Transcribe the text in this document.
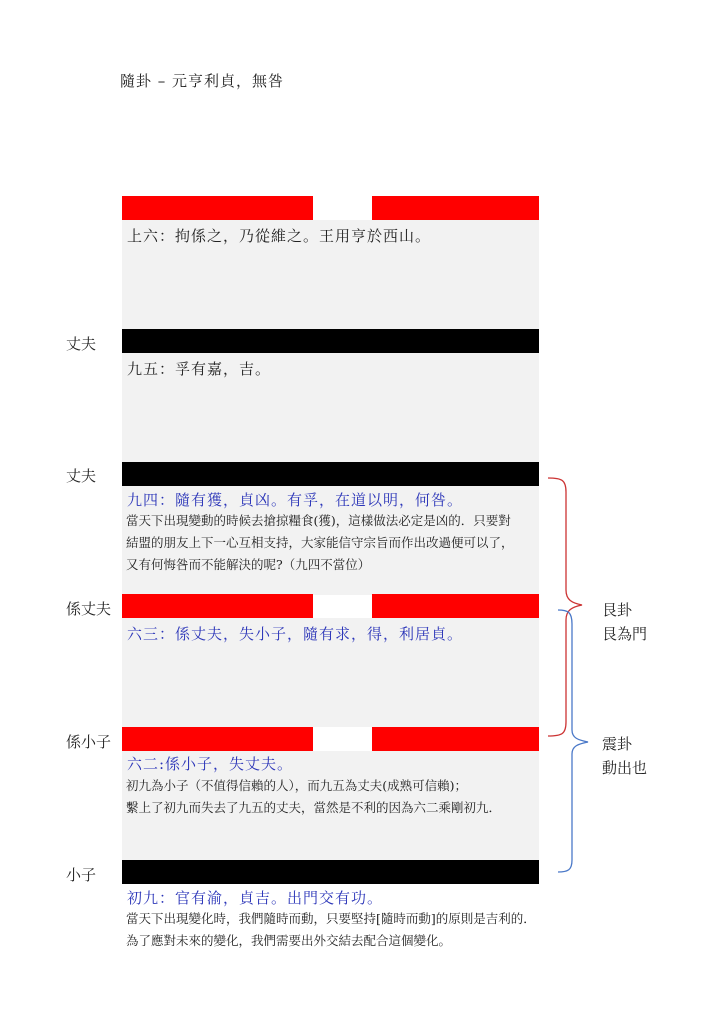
隨卦 – 元亨利貞，無咎
上六：拘係之，乃從維之。王用亨於西山。
九五：孚有嘉，吉。
九四：隨有獲，貞凶。有孚，在道以明，何咎。
當天下出現變動的時候去搶掠糧食(獲)，這樣做法必定是凶的．只要對
結盟的朋友上下一心互相支持，大家能信守宗旨而作出改過便可以了，
又有何悔咎而不能解決的呢?（九四不當位）
六三：係丈夫，失小子，隨有求，得，利居貞。
六二:係小子，失丈夫。
初九為小子（不值得信賴的人），而九五為丈夫(成熟可信賴)；
繫上了初九而失去了九五的丈夫，當然是不利的因為六二乘剛初九．
初九：官有渝，貞吉。出門交有功。
當天下出現變化時，我們隨時而動，只要堅持[隨時而動]的原則是吉利的．
為了應對未來的變化，我們需要出外交結去配合這個變化。
丈夫
丈夫
係丈夫
係小子
小子
艮卦
艮為門
震卦
動出也
